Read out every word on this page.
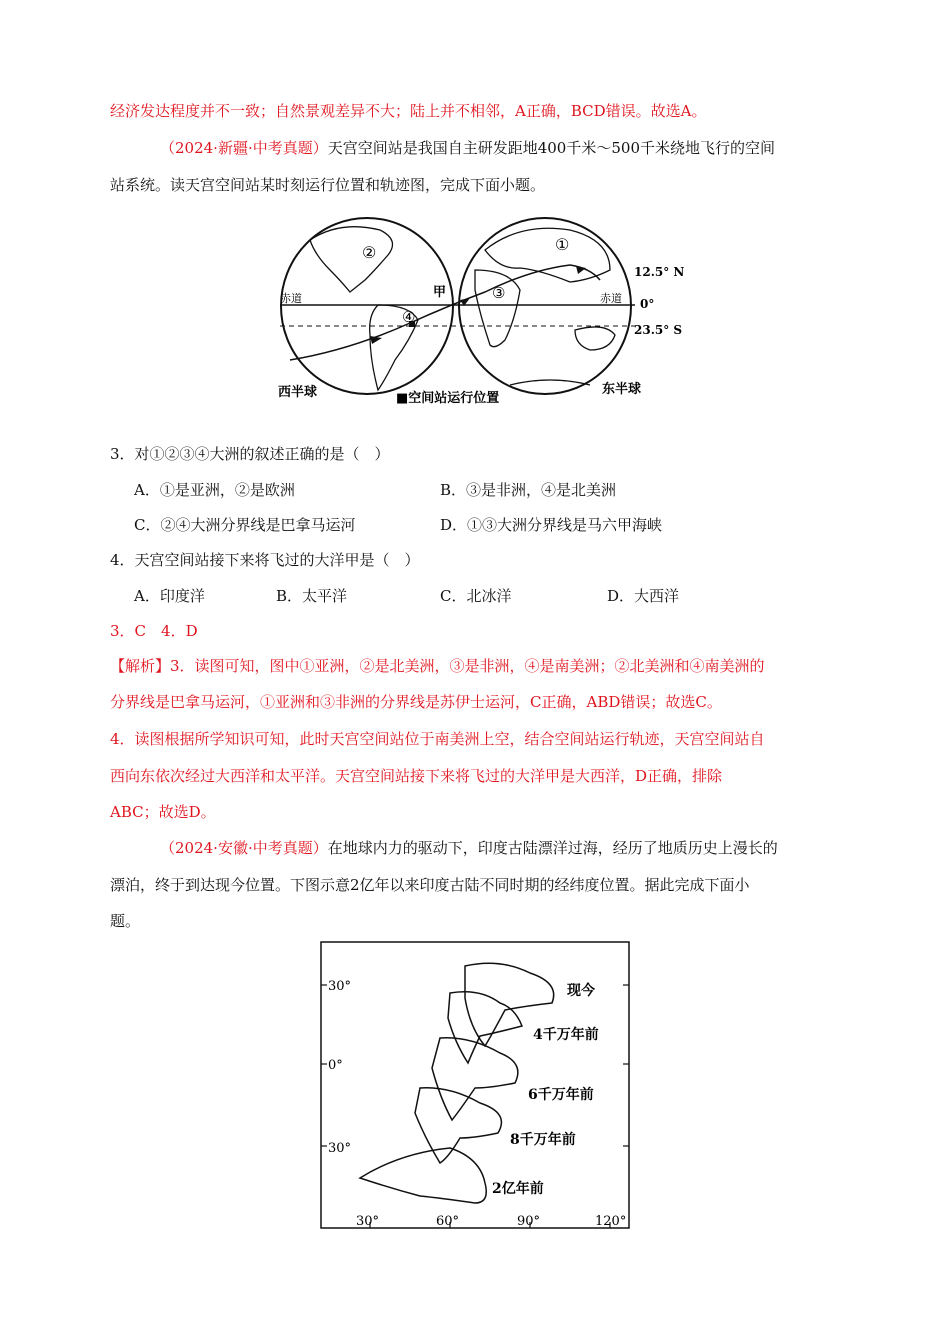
经济发达程度并不一致；自然景观差异不大；陆上并不相邻，A正确，BCD错误。故选A。
（2024·新疆·中考真题）天宫空间站是我国自主研发距地400千米～500千米绕地飞行的空间
站系统。读天宫空间站某时刻运行位置和轨迹图，完成下面小题。
②
④
③
①
甲
赤道	赤道
12.5° N
0°
23.5° S
西半球	■空间站运行位置
东半球
3．对①②③④大洲的叙述正确的是（　）
A．①是亚洲，②是欧洲	B．③是非洲，④是北美洲
C．②④大洲分界线是巴拿马运河	D．①③大洲分界线是马六甲海峡
4．天宫空间站接下来将飞过的大洋甲是（　）
A．印度洋	B．太平洋	C．北冰洋	D．大西洋
3．C　4．D
【解析】3．读图可知，图中①亚洲，②是北美洲，③是非洲，④是南美洲；②北美洲和④南美洲的
分界线是巴拿马运河，①亚洲和③非洲的分界线是苏伊士运河，C正确，ABD错误；故选C。
4．读图根据所学知识可知，此时天宫空间站位于南美洲上空，结合空间站运行轨迹，天宫空间站自
西向东依次经过大西洋和太平洋。天宫空间站接下来将飞过的大洋甲是大西洋，D正确，排除
ABC；故选D。
（2024·安徽·中考真题）在地球内力的驱动下，印度古陆漂洋过海，经历了地质历史上漫长的
漂泊，终于到达现今位置。下图示意2亿年以来印度古陆不同时期的经纬度位置。据此完成下面小
题。
30°
0°
30°
30°	60°	90°	120°
现今
4千万年前
6千万年前
8千万年前
2亿年前
